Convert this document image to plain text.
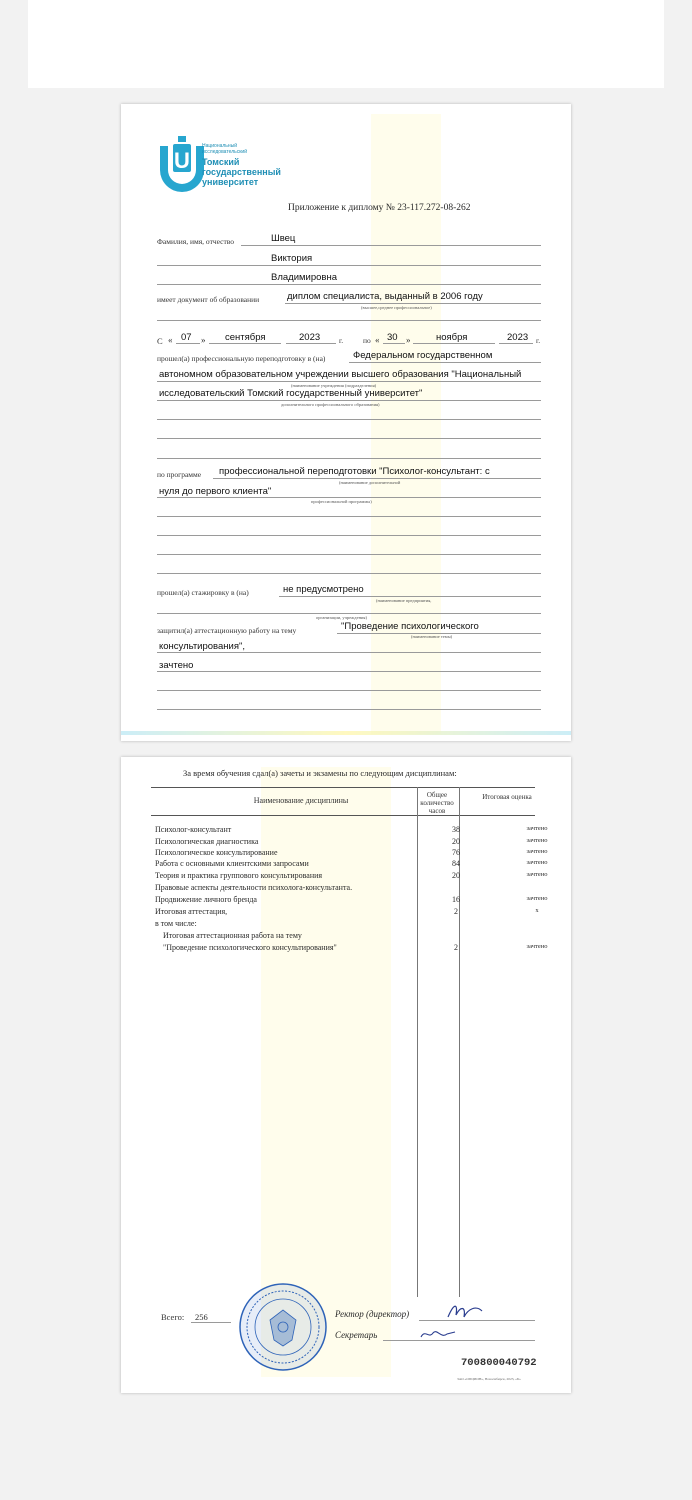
U
TOMSK 1878
Национальный
исследовательский
Томский
государственный
университет
Приложение к диплому № 23-117.272-08-262
Фамилия, имя, отчество	Швец
Виктория
Владимировна
имеет документ об образовании	диплом специалиста, выданный в 2006 году
(высшее,среднее профессиональное)
С « 07 » сентября	2023	г.	по « 30 »	ноября	2023 г.
прошел(а) профессиональную переподготовку в (на)	Федеральном государственном
автономном образовательном учреждении высшего образования "Национальный
(наименование учреждения (подразделения)
исследовательский Томский государственный университет"
дополнительного профессионального образования)
по программе профессиональной переподготовки "Психолог-консультант: с
(наименование дополнительной
нуля до первого клиента"
профессиональной программы)
прошел(а) стажировку в (на)	не предусмотрено
(наименование предприятия,
организации, учреждения)
защитил(а) аттестационную работу на тему	"Проведение психологического
(наименование темы)
консультирования",
зачтено
За время обучения сдал(а) зачеты и экзамены по следующим дисциплинам:
Наименование дисциплины
Общее количество часов
Итоговая оценка
Психолог-консультант	38	зачтено
Психологическая диагностика	20	зачтено
Психологическое консультирование	76	зачтено
Работа с основными клиентскими запросами	84	зачтено
Теория и практика группового консультирования	20	зачтено
Правовые аспекты деятельности психолога-консультанта.
Продвижение личного бренда	16	зачтено
Итоговая аттестация,	2	х
в том числе:
Итоговая аттестационная работа на тему
"Проведение психологического консультирования"	2	зачтено
Всего: 256	Ректор (директор)
Секретарь
700800040792
ЗАО «ОПЦИОН», Новосибирск, 2023, «Б»
